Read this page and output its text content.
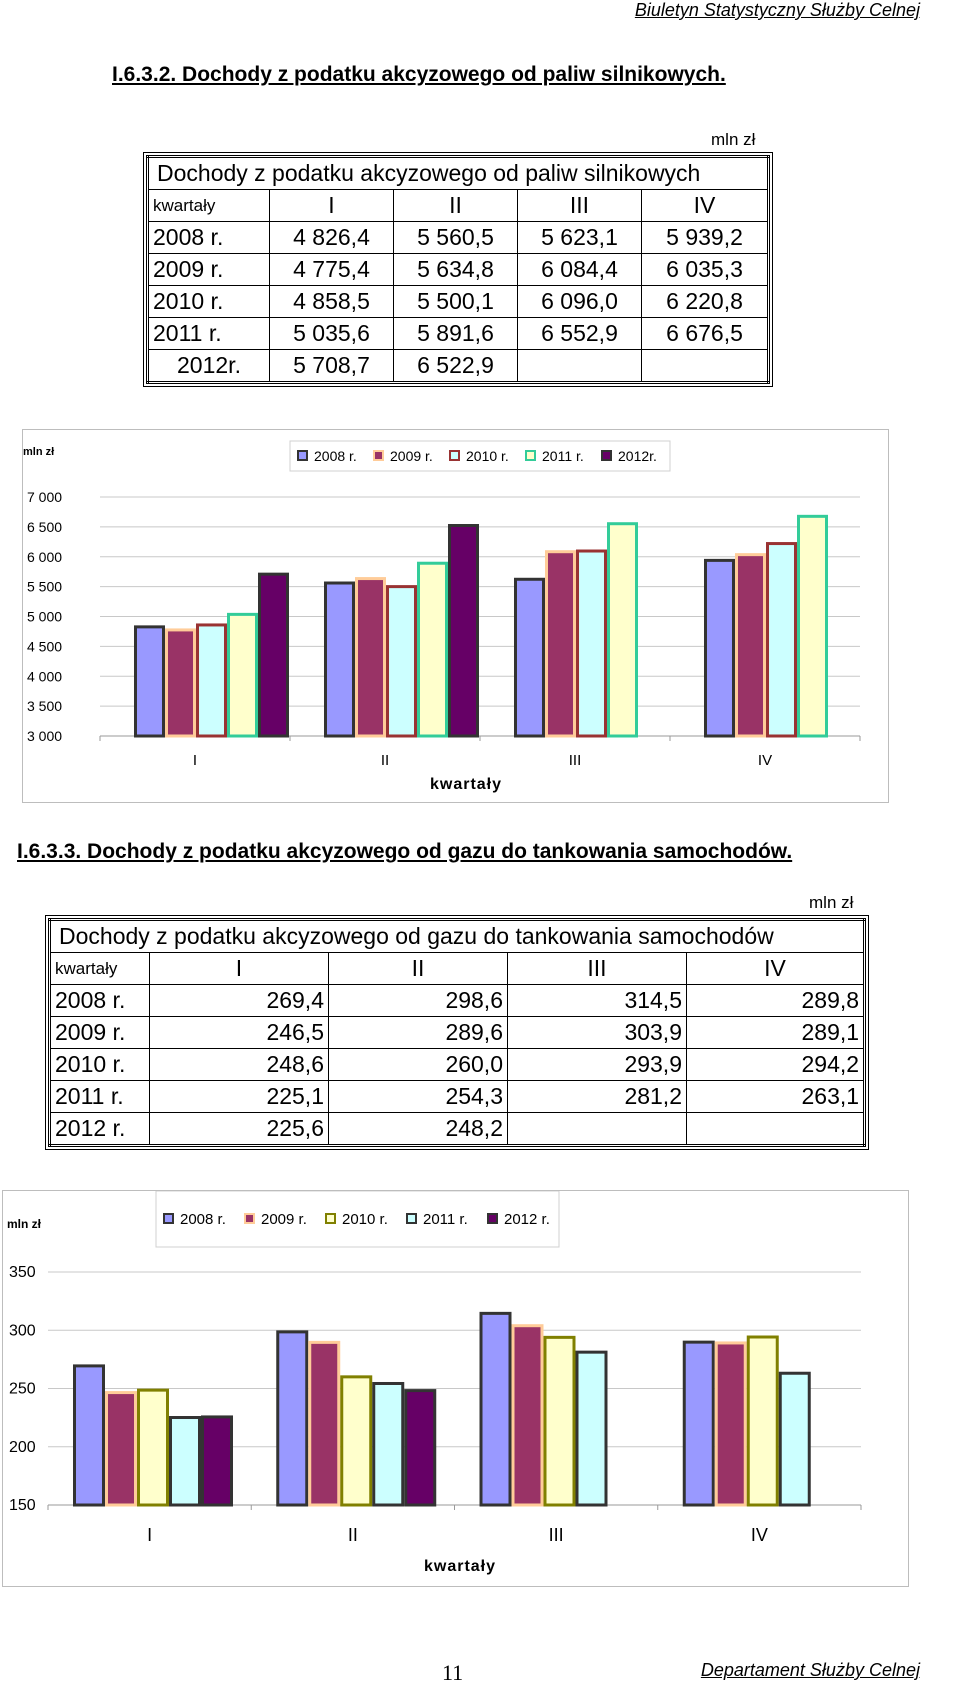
Biuletyn Statystyczny Służby Celnej
I.6.3.2. Dochody z podatku akcyzowego od paliw silnikowych.
mln zł
Dochody z podatku akcyzowego od paliw silnikowych				
kwartały	I	II	III	IV
2008 r.	4 826,4	5 560,5	5 623,1	5 939,2
2009 r.	4 775,4	5 634,8	6 084,4	6 035,3
2010 r.	4 858,5	5 500,1	6 096,0	6 220,8
2011 r.	5 035,6	5 891,6	6 552,9	6 676,5
2012r.	5 708,7	6 522,9		
mln zł
3 000
3 500
4 000
4 500
5 000
5 500
6 000
6 500
7 000
I	II	III	IV
kwartały
2008 r. 2009 r. 2010 r. 2011 r. 2012r.
I.6.3.3. Dochody z podatku akcyzowego od gazu do tankowania samochodów.
mln zł
Dochody z podatku akcyzowego od gazu do tankowania samochodów				
kwartały	I	II	III	IV
2008 r.	269,4	298,6	314,5	289,8
2009 r.	246,5	289,6	303,9	289,1
2010 r.	248,6	260,0	293,9	294,2
2011 r.	225,1	254,3	281,2	263,1
2012 r.	225,6	248,2		
mln zł
150
200
250
300
350
I	II	III	IV
kwartały
2008 r. 2009 r. 2010 r. 2011 r. 2012 r.
11	Departament Służby Celnej
